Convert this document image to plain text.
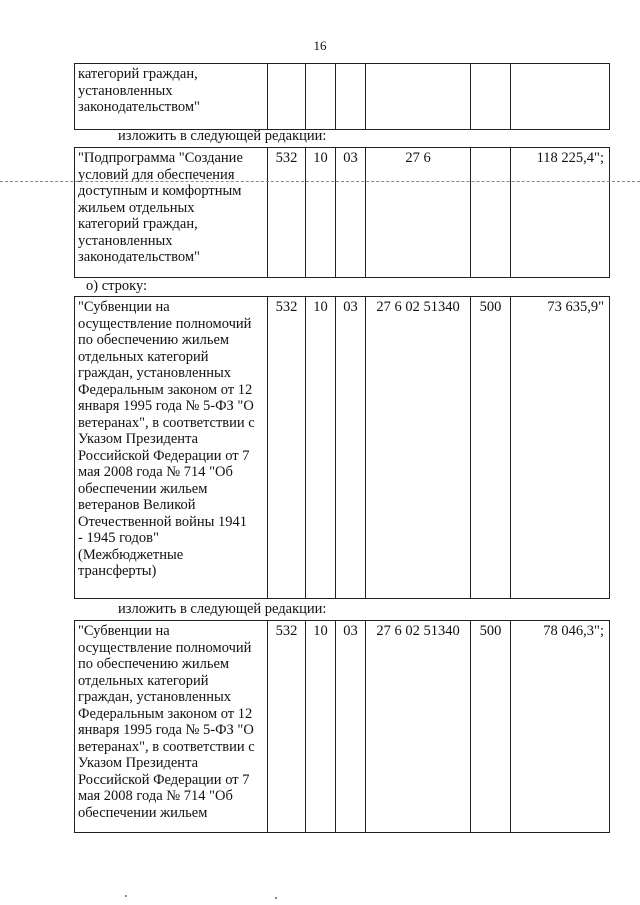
16
категорий граждан,
установленных
законодательством"

изложить в следующей редакции:
"Подпрограмма "Создание
условий для обеспечения
доступным и комфортным
жильем отдельных
категорий граждан,
установленных
законодательством"
	532	10	03	27 6		118 225,4";
о) строку:
"Субвенции на
осуществление полномочий
по обеспечению жильем
отдельных категорий
граждан, установленных
Федеральным законом от 12
января 1995 года № 5-ФЗ "О
ветеранах", в соответствии с
Указом Президента
Российской Федерации от 7
мая 2008 года № 714 "Об
обеспечении жильем
ветеранов Великой
Отечественной войны 1941
- 1945 годов"
(Межбюджетные
трансферты)
	532	10	03	27 6 02 51340	500	73 635,9"
изложить в следующей редакции:
"Субвенции на
осуществление полномочий
по обеспечению жильем
отдельных категорий
граждан, установленных
Федеральным законом от 12
января 1995 года № 5-ФЗ "О
ветеранах", в соответствии с
Указом Президента
Российской Федерации от 7
мая 2008 года № 714 "Об
обеспечении жильем
	532	10	03	27 6 02 51340	500	78 046,3";
